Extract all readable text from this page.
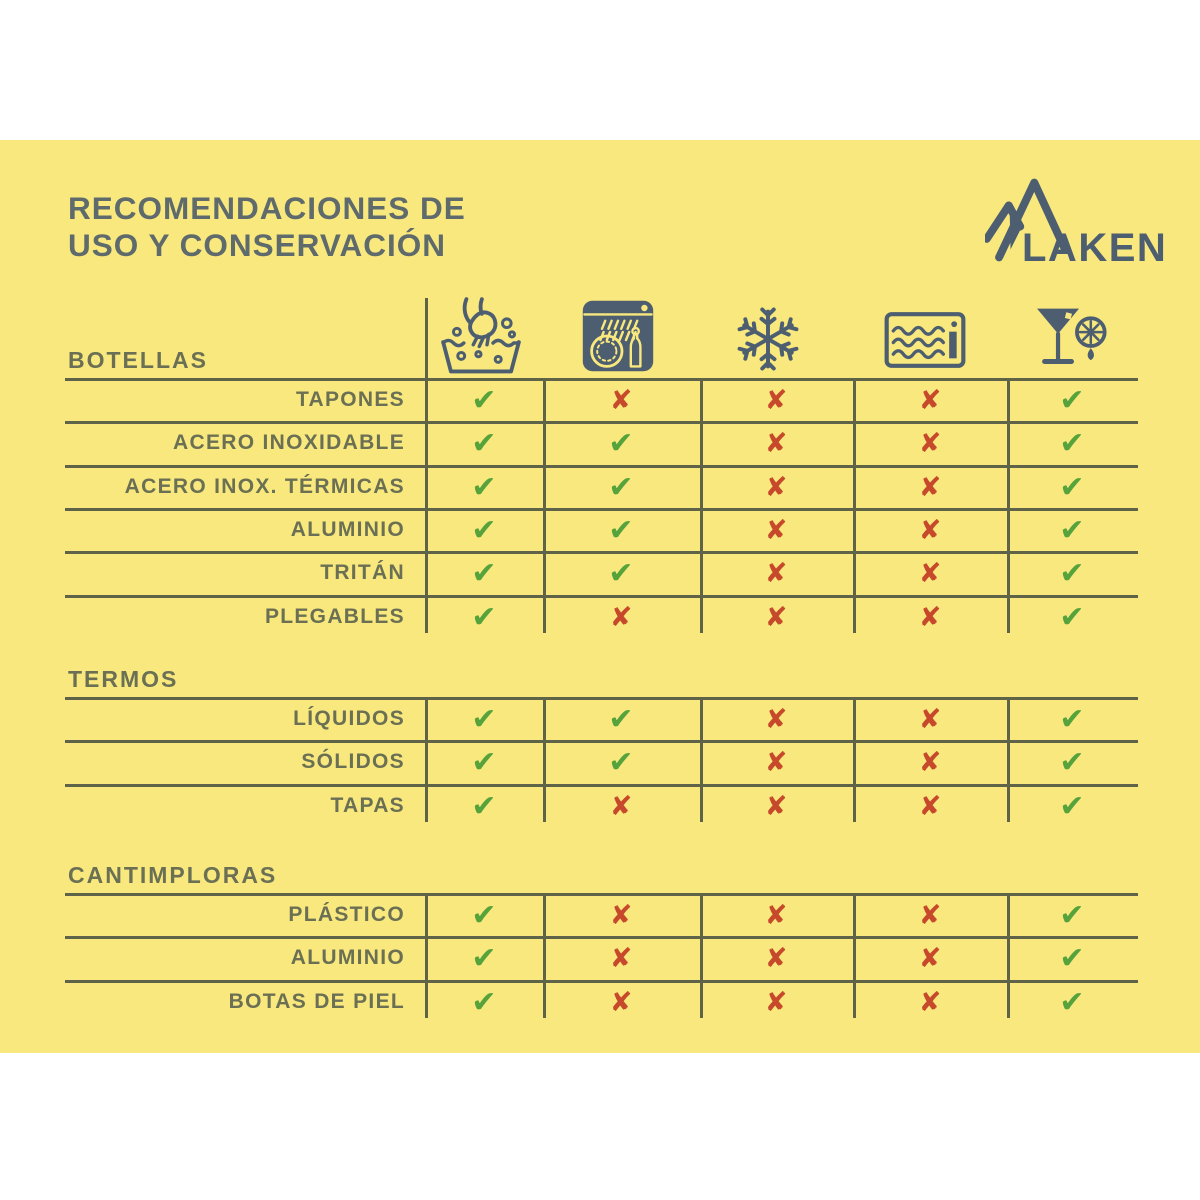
RECOMENDACIONES DE
USO Y CONSERVACIÓN	LAKEN
BOTELLAS
TAPONES ✔	✘	✘	✘	✔
ACERO INOXIDABLE ✔	✔	✘	✘	✔
ACERO INOX. TÉRMICAS ✔	✔	✘	✘	✔
ALUMINIO ✔	✔	✘	✘	✔
TRITÁN ✔	✔	✘	✘	✔
PLEGABLES ✔	✘	✘	✘	✔
TERMOS
LÍQUIDOS ✔	✔	✘	✘	✔
SÓLIDOS ✔	✔	✘	✘	✔
TAPAS ✔	✘	✘	✘	✔
CANTIMPLORAS
PLÁSTICO ✔	✘	✘	✘	✔
ALUMINIO ✔	✘	✘	✘	✔
BOTAS DE PIEL ✔	✘	✘	✘	✔
